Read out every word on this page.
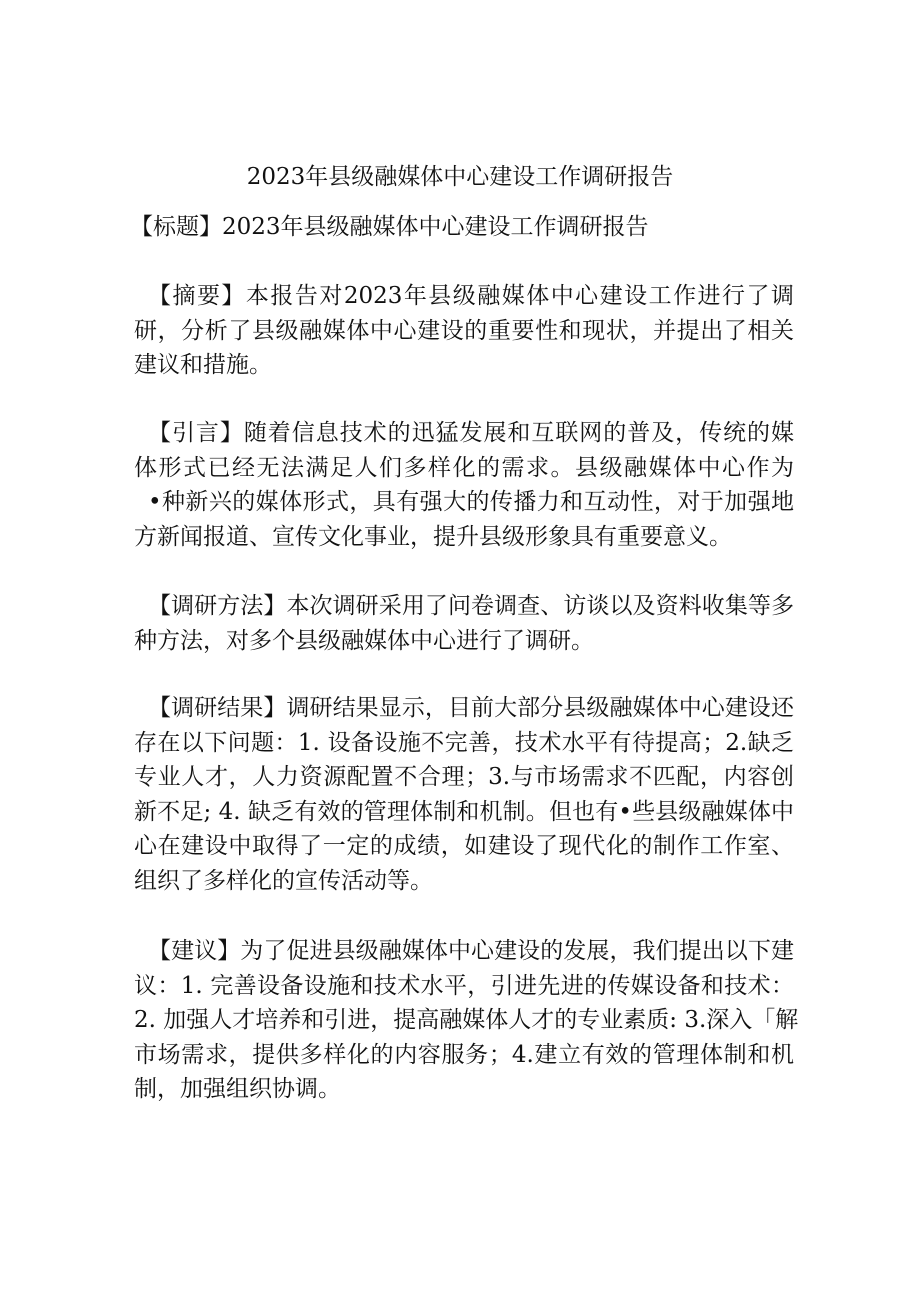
2023年县级融媒体中心建设工作调研报告
【标题】2023年县级融媒体中心建设工作调研报告
【摘要】本报告对2023年县级融媒体中心建设工作进行了调
研，分析了县级融媒体中心建设的重要性和现状，并提出了相关
建议和措施。
【引言】随着信息技术的迅猛发展和互联网的普及，传统的媒
体形式已经无法满足人们多样化的需求。县级融媒体中心作为
•种新兴的媒体形式，具有强大的传播力和互动性，对于加强地
方新闻报道、宣传文化事业，提升县级形象具有重要意义。
【调研方法】本次调研采用了问卷调查、访谈以及资料收集等多
种方法，对多个县级融媒体中心进行了调研。
【调研结果】调研结果显示，目前大部分县级融媒体中心建设还
存在以下问题：1. 设备设施不完善，技术水平有待提高；2.缺乏
专业人才，人力资源配置不合理；3.与市场需求不匹配，内容创
新不足; 4. 缺乏有效的管理体制和机制。但也有•些县级融媒体中
心在建设中取得了一定的成绩，如建设了现代化的制作工作室、
组织了多样化的宣传活动等。
【建议】为了促进县级融媒体中心建设的发展，我们提出以下建
议：1. 完善设备设施和技术水平，引进先进的传媒设备和技术：
2. 加强人才培养和引进，提高融媒体人才的专业素质: 3.深入「解
市场需求，提供多样化的内容服务；4.建立有效的管理体制和机
制，加强组织协调。
